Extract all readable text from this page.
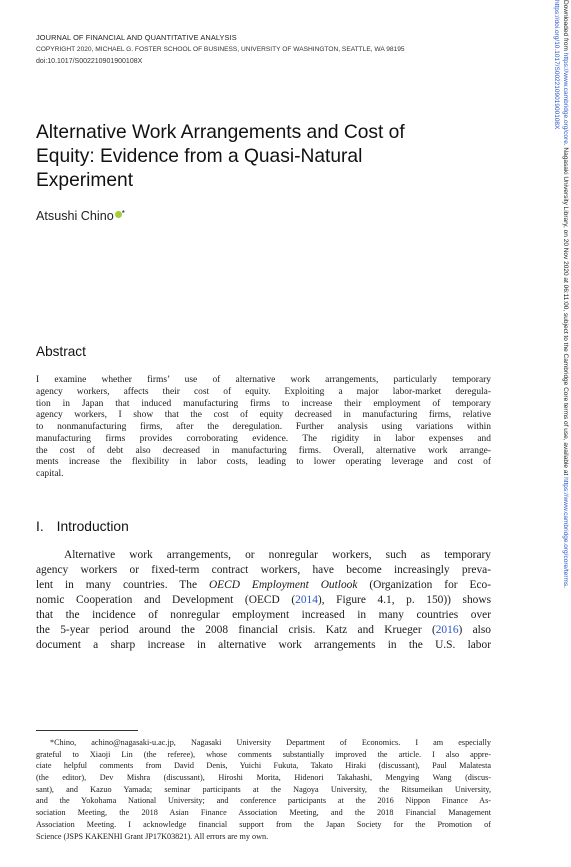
JOURNAL OF FINANCIAL AND QUANTITATIVE ANALYSIS
COPYRIGHT 2020, MICHAEL G. FOSTER SCHOOL OF BUSINESS, UNIVERSITY OF WASHINGTON, SEATTLE, WA 98195
doi:10.1017/S002210901900108X
Alternative Work Arrangements and Cost of
Equity: Evidence from a Quasi-Natural
Experiment
Atsushi Chino *
Abstract
I examine whether firms’ use of alternative work arrangements, particularly temporary
agency workers, affects their cost of equity. Exploiting a major labor-market deregula-
tion in Japan that induced manufacturing firms to increase their employment of temporary
agency workers, I show that the cost of equity decreased in manufacturing firms, relative
to nonmanufacturing firms, after the deregulation. Further analysis using variations within
manufacturing firms provides corroborating evidence. The rigidity in labor expenses and
the cost of debt also decreased in manufacturing firms. Overall, alternative work arrange-
ments increase the flexibility in labor costs, leading to lower operating leverage and cost of
capital.
I. Introduction
Alternative work arrangements, or nonregular workers, such as temporary
agency workers or fixed-term contract workers, have become increasingly preva-
lent in many countries. The OECD Employment Outlook (Organization for Eco-
nomic Cooperation and Development (OECD (2014), Figure 4.1, p. 150)) shows
that the incidence of nonregular employment increased in many countries over
the 5-year period around the 2008 financial crisis. Katz and Krueger (2016) also
document a sharp increase in alternative work arrangements in the U.S. labor
*Chino, achino@nagasaki-u.ac.jp, Nagasaki University Department of Economics. I am especially
grateful to Xiaoji Lin (the referee), whose comments substantially improved the article. I also appre-
ciate helpful comments from David Denis, Yuichi Fukuta, Takato Hiraki (discussant), Paul Malatesta
(the editor), Dev Mishra (discussant), Hiroshi Morita, Hidenori Takahashi, Mengying Wang (discus-
sant), and Kazuo Yamada; seminar participants at the Nagoya University, the Ritsumeikan University,
and the Yokohama National University; and conference participants at the 2016 Nippon Finance As-
sociation Meeting, the 2018 Asian Finance Association Meeting, and the 2018 Financial Management
Association Meeting. I acknowledge financial support from the Japan Society for the Promotion of
Science (JSPS KAKENHI Grant JP17K03821). All errors are my own.
Downloaded from https://www.cambridge.org/core. Nagasaki University Library, on 20 Nov 2020 at 06:11:00, subject to the Cambridge Core terms of use, available at https://www.cambridge.org/core/terms.
https://doi.org/10.1017/S002210901900108X
